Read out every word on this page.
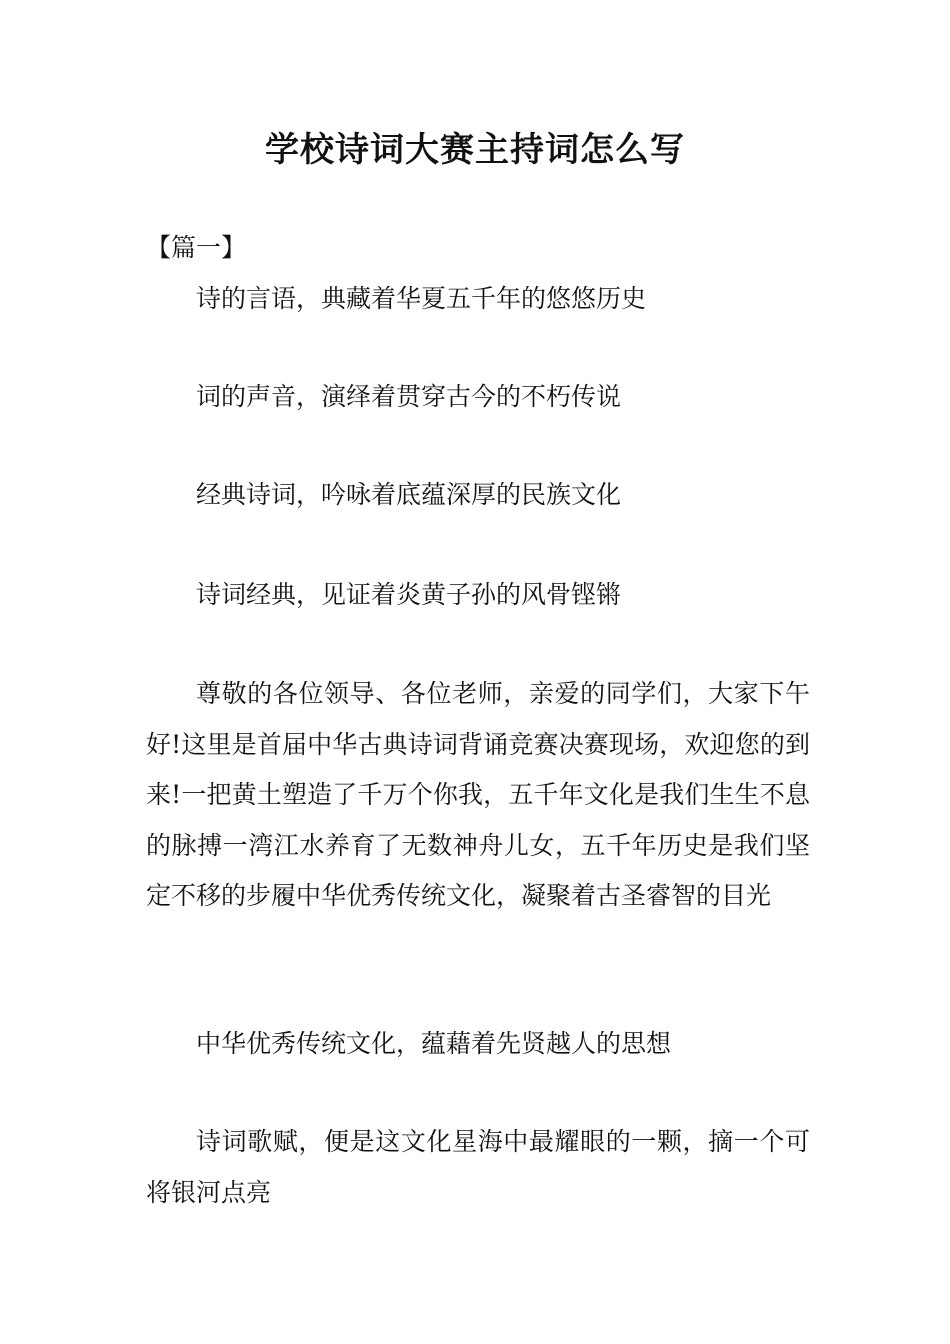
学校诗词大赛主持词怎么写
【篇一】

诗的言语，典藏着华夏五千年的悠悠历史

词的声音，演绎着贯穿古今的不朽传说

经典诗词，吟咏着底蕴深厚的民族文化

诗词经典，见证着炎黄子孙的风骨铿锵

尊敬的各位领导、各位老师，亲爱的同学们，大家下午好!这里是首届中华古典诗词背诵竞赛决赛现场，欢迎您的到来!一把黄土塑造了千万个你我，五千年文化是我们生生不息的脉搏一湾江水养育了无数神舟儿女，五千年历史是我们坚定不移的步履中华优秀传统文化，凝聚着古圣睿智的目光

中华优秀传统文化，蕴藉着先贤越人的思想

诗词歌赋，便是这文化星海中最耀眼的一颗，摘一个可将银河点亮
